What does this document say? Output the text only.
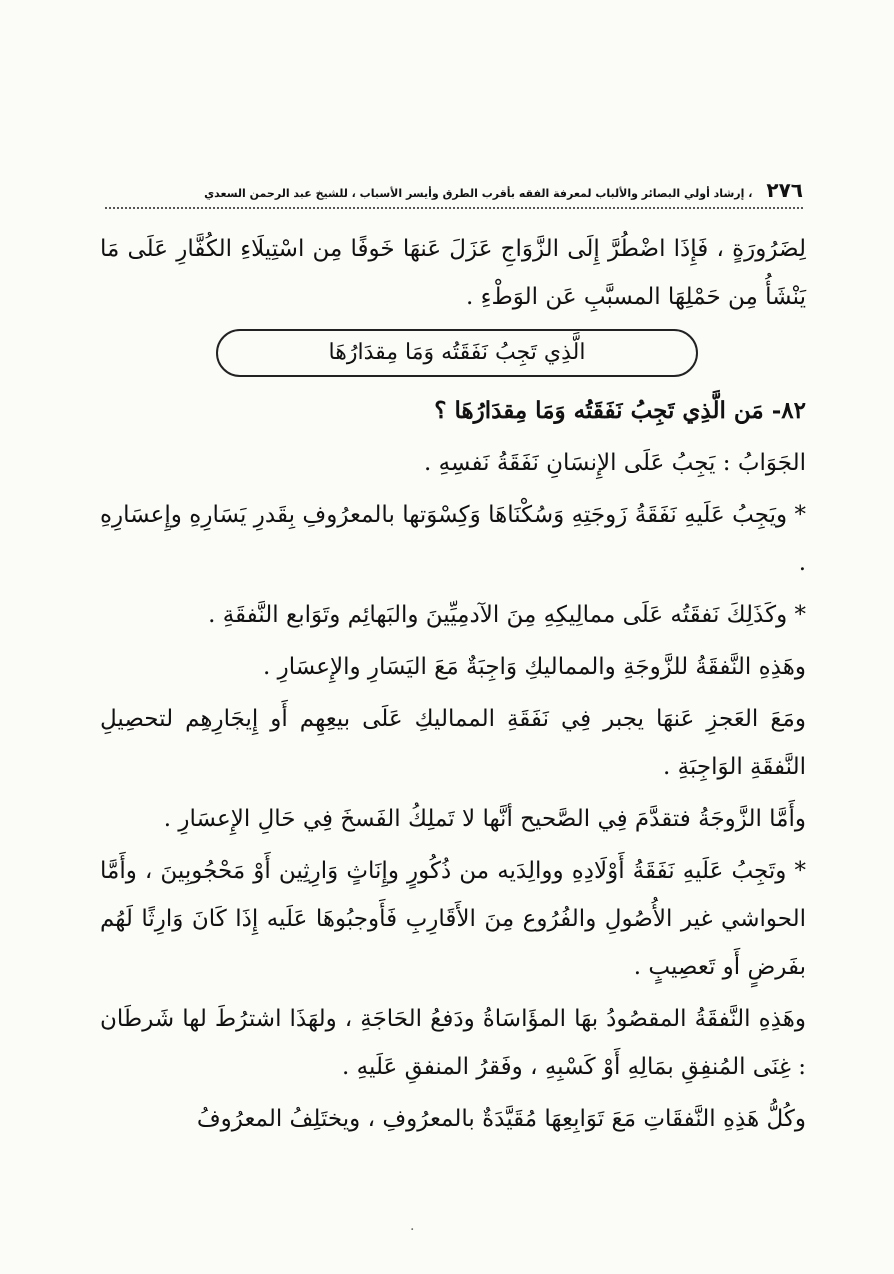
٢٧٦
، إرشاد أولي البصائر والألباب لمعرفة الفقه بأقرب الطرق وأيسر الأسباب ، للشيخ عبد الرحمن السعدي

لِضَرُورَةٍ ، فَإِذَا اضْطُرَّ إِلَى الزَّوَاجِ عَزَلَ عَنهَا خَوفًا مِن اسْتِيلَاءِ الكُفَّارِ عَلَى مَا يَنْشَأُ مِن حَمْلِهَا المسبَّبِ عَن الوَطْءِ .

الَّذِي تَجِبُ نَفَقَتُه وَمَا مِقدَارُهَا

٨٢- مَن الَّذِي تَجِبُ نَفَقَتُه وَمَا مِقدَارُهَا ؟

الجَوَابُ : يَجِبُ عَلَى الإِنسَانِ نَفَقَةُ نَفسِهِ .

* ويَجِبُ عَلَيهِ نَفَقَةُ زَوجَتِهِ وَسُكْنَاهَا وَكِسْوَتها بالمعرُوفِ بِقَدرِ يَسَارِهِ وإِعسَارِهِ .

* وكَذَلِكَ نَفقَتُه عَلَى ممالِيكِهِ مِنَ الآدمِيِّينَ والبَهائِم وتَوَابع النَّفقَةِ .

وهَذِهِ النَّفقَةُ للزَّوجَةِ والمماليكِ وَاجِبَةٌ مَعَ اليَسَارِ والإِعسَارِ .

ومَعَ العَجزِ عَنهَا يجبر فِي نَفَقَةِ المماليكِ عَلَى بيعِهِم أَو إِيجَارِهِم لتحصِيلِ النَّفقَةِ الوَاجِبَةِ .

وأَمَّا الزَّوجَةُ فتقدَّمَ فِي الصَّحيح أنَّها لا تَملِكُ الفَسخَ فِي حَالِ الإِعسَارِ .

* وتَجِبُ عَلَيهِ نَفَقَةُ أَوْلَادِهِ ووالِدَيه من ذُكُورٍ وإِنَاثٍ وَارِثِين أَوْ مَحْجُوبِينَ ، وأَمَّا الحواشي غير الأُصُولِ والفُرُوع مِنَ الأَقَارِبِ فَأَوجبُوهَا عَلَيه إِذَا كَانَ وَارِثًا لَهُم بفَرضٍ أَو تَعصِيبٍ .

وهَذِهِ النَّفقَةُ المقصُودُ بهَا المؤَاسَاةُ ودَفعُ الحَاجَةِ ، ولهَذَا اشترُطَ لها شَرطَان : غِنَى المُنفِقِ بمَالِهِ أَوْ كَسْبِهِ ، وفَقرُ المنفقِ عَلَيهِ .

وكُلُّ هَذِهِ النَّفقَاتِ مَعَ تَوَابِعِهَا مُقَيَّدَةٌ بالمعرُوفِ ، ويختَلِفُ المعرُوفُ

.
